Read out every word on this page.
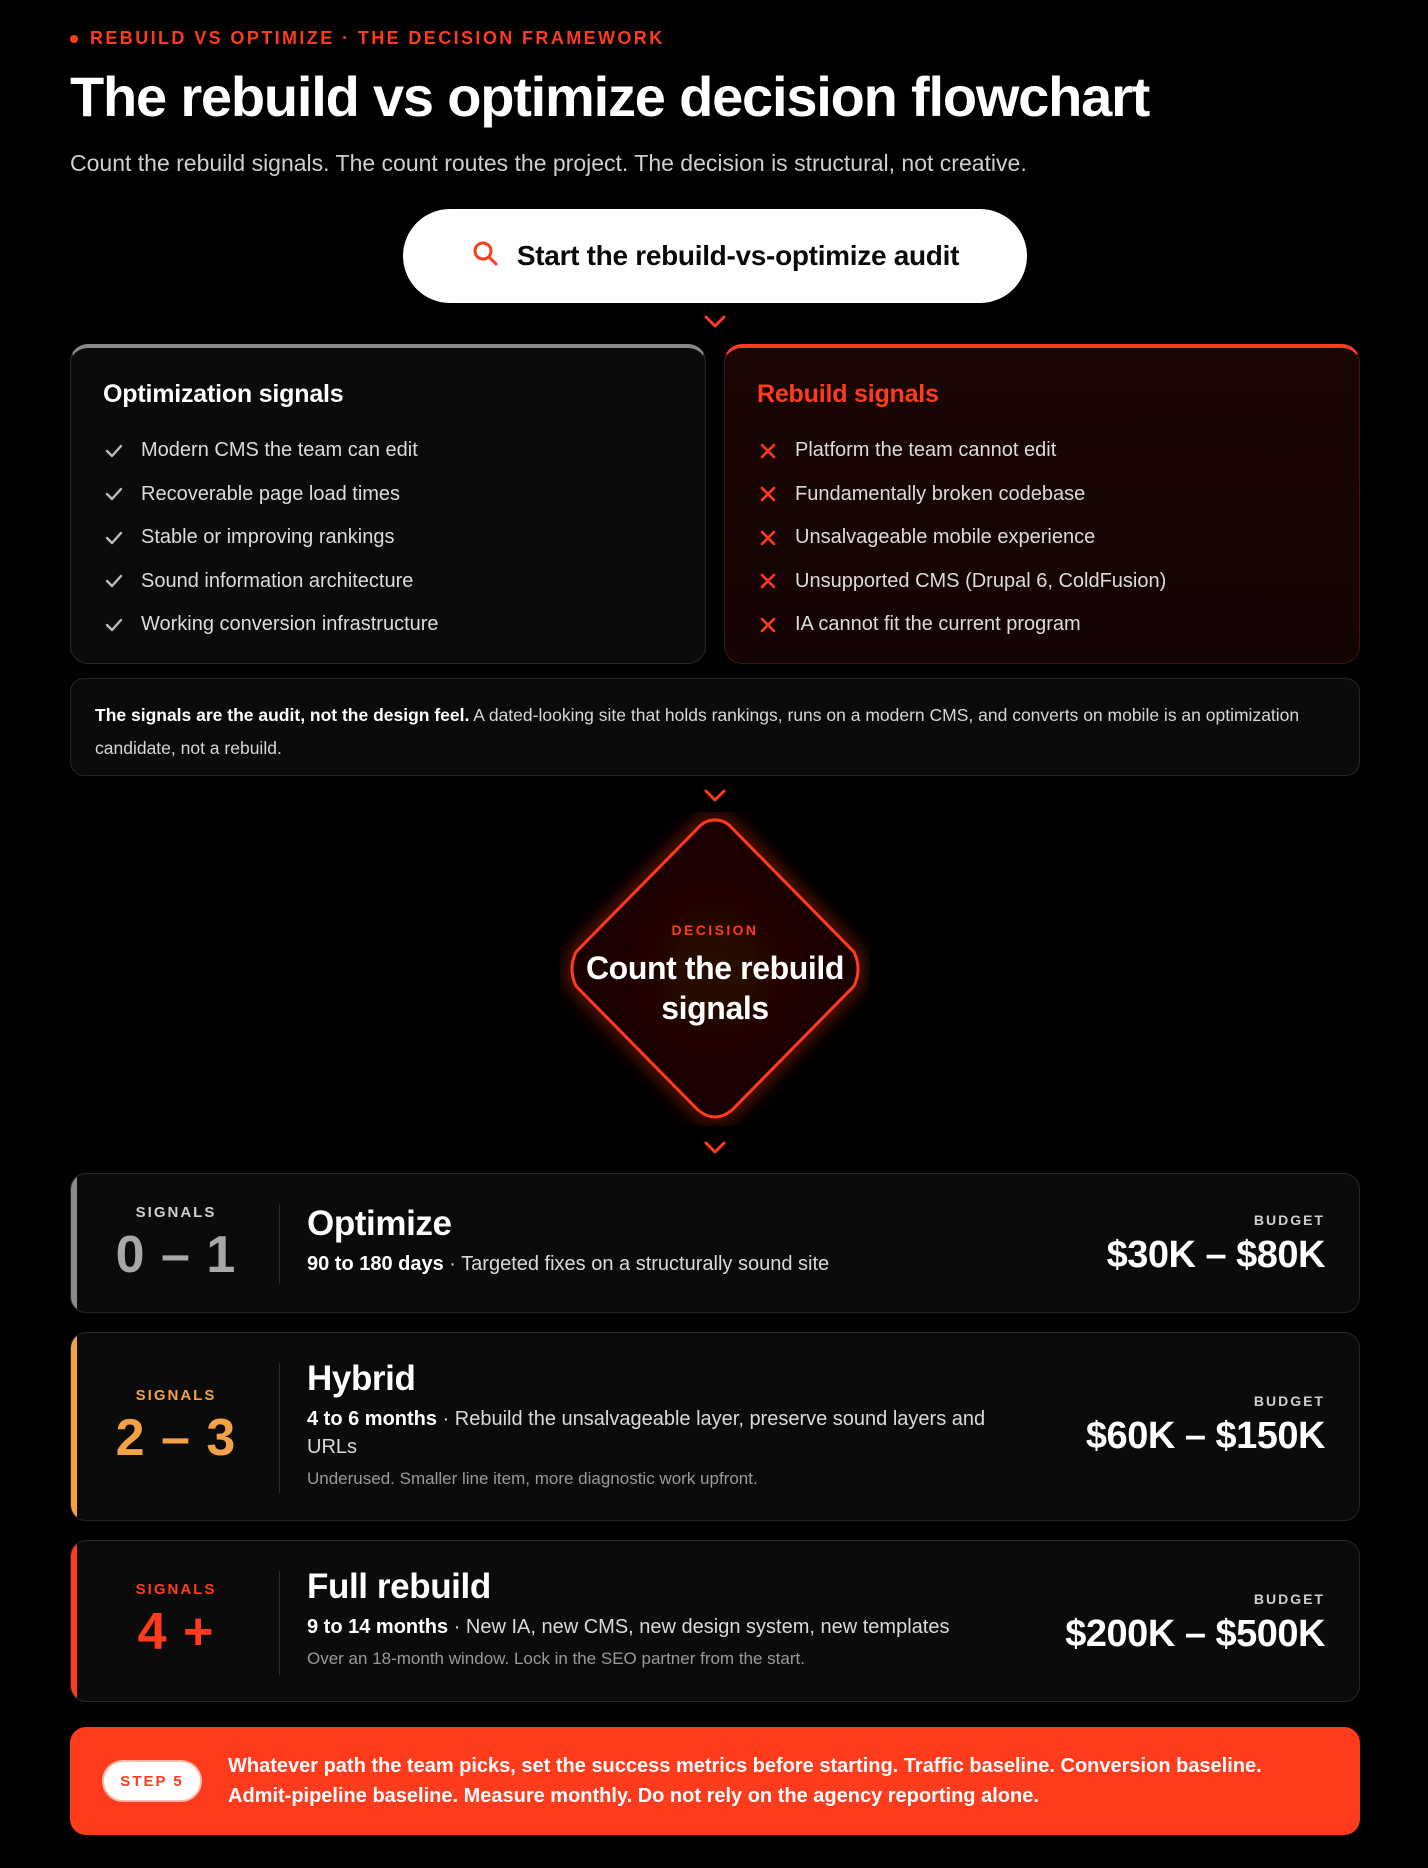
REBUILD VS OPTIMIZE · THE DECISION FRAMEWORK
The rebuild vs optimize decision flowchart
Count the rebuild signals. The count routes the project. The decision is structural, not creative.
Start the rebuild-vs-optimize audit
Optimization signals
Modern CMS the team can edit
Recoverable page load times
Stable or improving rankings
Sound information architecture
Working conversion infrastructure
Rebuild signals
Platform the team cannot edit
Fundamentally broken codebase
Unsalvageable mobile experience
Unsupported CMS (Drupal 6, ColdFusion)
IA cannot fit the current program
The signals are the audit, not the design feel. A dated-looking site that holds rankings, runs on a modern CMS, and converts on mobile is an optimization candidate, not a rebuild.
DECISION
Count the rebuild signals
SIGNALS
0 – 1
Optimize
90 to 180 days · Targeted fixes on a structurally sound site
BUDGET
$30K – $80K
SIGNALS
2 – 3
Hybrid
4 to 6 months · Rebuild the unsalvageable layer, preserve sound layers and URLs
Underused. Smaller line item, more diagnostic work upfront.
BUDGET
$60K – $150K
SIGNALS
4 +
Full rebuild
9 to 14 months · New IA, new CMS, new design system, new templates
Over an 18-month window. Lock in the SEO partner from the start.
BUDGET
$200K – $500K
STEP 5
Whatever path the team picks, set the success metrics before starting. Traffic baseline. Conversion baseline. Admit-pipeline baseline. Measure monthly. Do not rely on the agency reporting alone.
